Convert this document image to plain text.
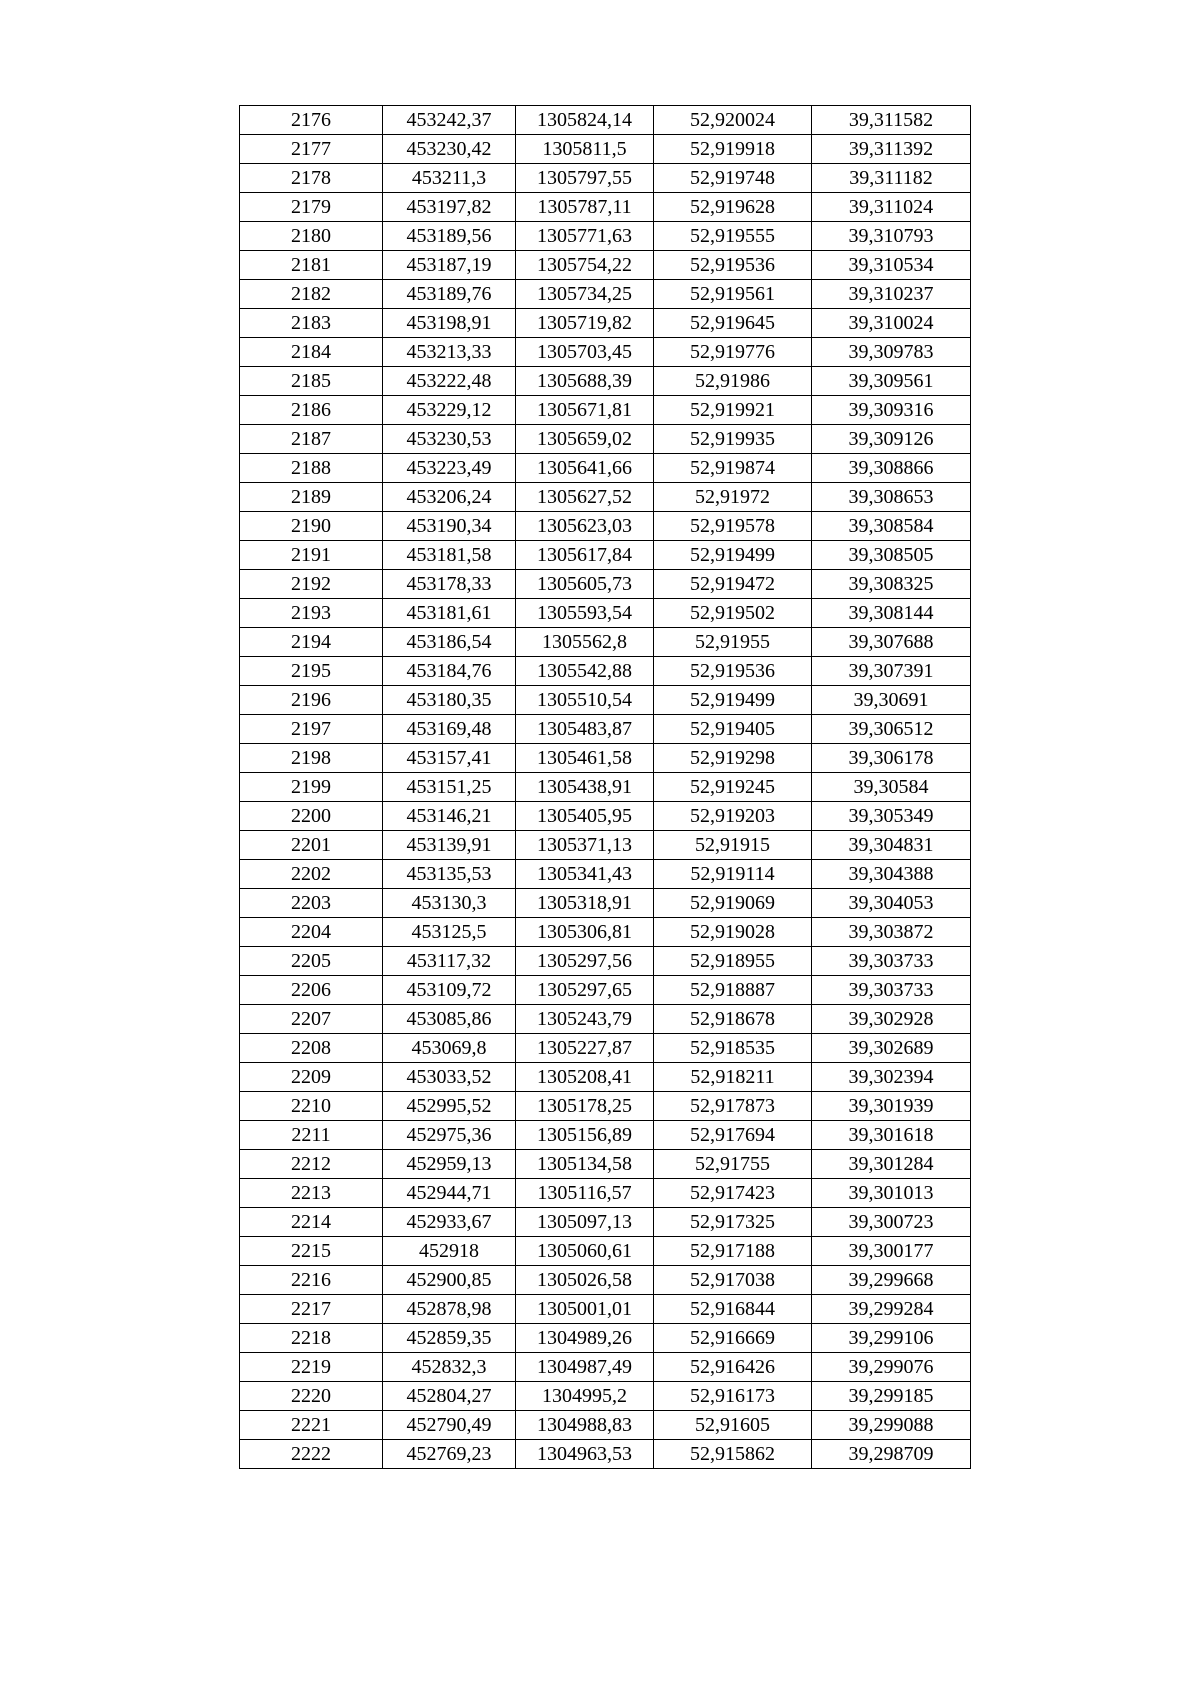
2176	453242,37	1305824,14	52,920024	39,311582
2177	453230,42	1305811,5	52,919918	39,311392
2178	453211,3	1305797,55	52,919748	39,311182
2179	453197,82	1305787,11	52,919628	39,311024
2180	453189,56	1305771,63	52,919555	39,310793
2181	453187,19	1305754,22	52,919536	39,310534
2182	453189,76	1305734,25	52,919561	39,310237
2183	453198,91	1305719,82	52,919645	39,310024
2184	453213,33	1305703,45	52,919776	39,309783
2185	453222,48	1305688,39	52,91986	39,309561
2186	453229,12	1305671,81	52,919921	39,309316
2187	453230,53	1305659,02	52,919935	39,309126
2188	453223,49	1305641,66	52,919874	39,308866
2189	453206,24	1305627,52	52,91972	39,308653
2190	453190,34	1305623,03	52,919578	39,308584
2191	453181,58	1305617,84	52,919499	39,308505
2192	453178,33	1305605,73	52,919472	39,308325
2193	453181,61	1305593,54	52,919502	39,308144
2194	453186,54	1305562,8	52,91955	39,307688
2195	453184,76	1305542,88	52,919536	39,307391
2196	453180,35	1305510,54	52,919499	39,30691
2197	453169,48	1305483,87	52,919405	39,306512
2198	453157,41	1305461,58	52,919298	39,306178
2199	453151,25	1305438,91	52,919245	39,30584
2200	453146,21	1305405,95	52,919203	39,305349
2201	453139,91	1305371,13	52,91915	39,304831
2202	453135,53	1305341,43	52,919114	39,304388
2203	453130,3	1305318,91	52,919069	39,304053
2204	453125,5	1305306,81	52,919028	39,303872
2205	453117,32	1305297,56	52,918955	39,303733
2206	453109,72	1305297,65	52,918887	39,303733
2207	453085,86	1305243,79	52,918678	39,302928
2208	453069,8	1305227,87	52,918535	39,302689
2209	453033,52	1305208,41	52,918211	39,302394
2210	452995,52	1305178,25	52,917873	39,301939
2211	452975,36	1305156,89	52,917694	39,301618
2212	452959,13	1305134,58	52,91755	39,301284
2213	452944,71	1305116,57	52,917423	39,301013
2214	452933,67	1305097,13	52,917325	39,300723
2215	452918	1305060,61	52,917188	39,300177
2216	452900,85	1305026,58	52,917038	39,299668
2217	452878,98	1305001,01	52,916844	39,299284
2218	452859,35	1304989,26	52,916669	39,299106
2219	452832,3	1304987,49	52,916426	39,299076
2220	452804,27	1304995,2	52,916173	39,299185
2221	452790,49	1304988,83	52,91605	39,299088
2222	452769,23	1304963,53	52,915862	39,298709
